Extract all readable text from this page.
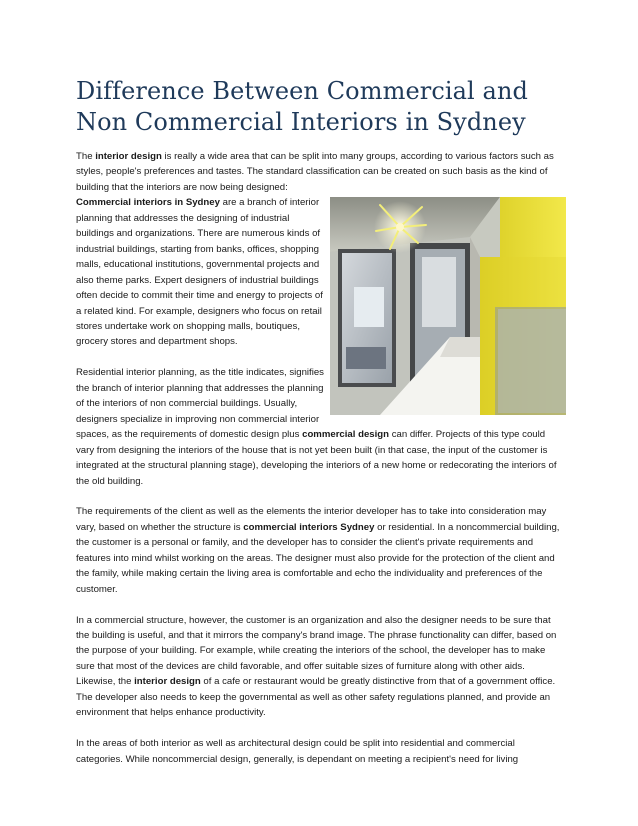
Difference Between Commercial and Non Commercial Interiors in Sydney

The interior design is really a wide area that can be split into many groups, according to various factors such as styles, people's preferences and tastes. The standard classification can be created on such basis as the kind of building that the interiors are now being designed:

Commercial interiors in Sydney are a branch of interior planning that addresses the designing of industrial buildings and organizations. There are numerous kinds of industrial buildings, starting from banks, offices, shopping malls, educational institutions, governmental projects and also theme parks. Expert designers of industrial buildings often decide to commit their time and energy to projects of a related kind. For example, designers who focus on retail stores undertake work on shopping malls, boutiques, grocery stores and department shops.

Residential interior planning, as the title indicates, signifies the branch of interior planning that addresses the planning of the interiors of non commercial buildings. Usually, designers specialize in improving non commercial interior spaces, as the requirements of domestic design plus commercial design can differ. Projects of this type could vary from designing the interiors of the house that is not yet been built (in that case, the input of the customer is integrated at the structural planning stage), developing the interiors of a new home or redecorating the interiors of the old building.

The requirements of the client as well as the elements the interior developer has to take into consideration may vary, based on whether the structure is commercial interiors Sydney or residential. In a noncommercial building, the customer is a personal or family, and the developer has to consider the client's private requirements and features into mind whilst working on the areas. The designer must also provide for the protection of the client and the family, while making certain the living area is comfortable and echo the individuality and preferences of the customer.

In a commercial structure, however, the customer is an organization and also the designer needs to be sure that the building is useful, and that it mirrors the company's brand image. The phrase functionality can differ, based on the purpose of your building. For example, while creating the interiors of the school, the developer has to make sure that most of the devices are child favorable, and offer suitable sizes of furniture along with other aids. Likewise, the interior design of a cafe or restaurant would be greatly distinctive from that of a government office. The developer also needs to keep the governmental as well as other safety regulations planned, and provide an environment that helps enhance productivity.

In the areas of both interior as well as architectural design could be split into residential and commercial categories. While noncommercial design, generally, is dependant on meeting a recipient's need for living
